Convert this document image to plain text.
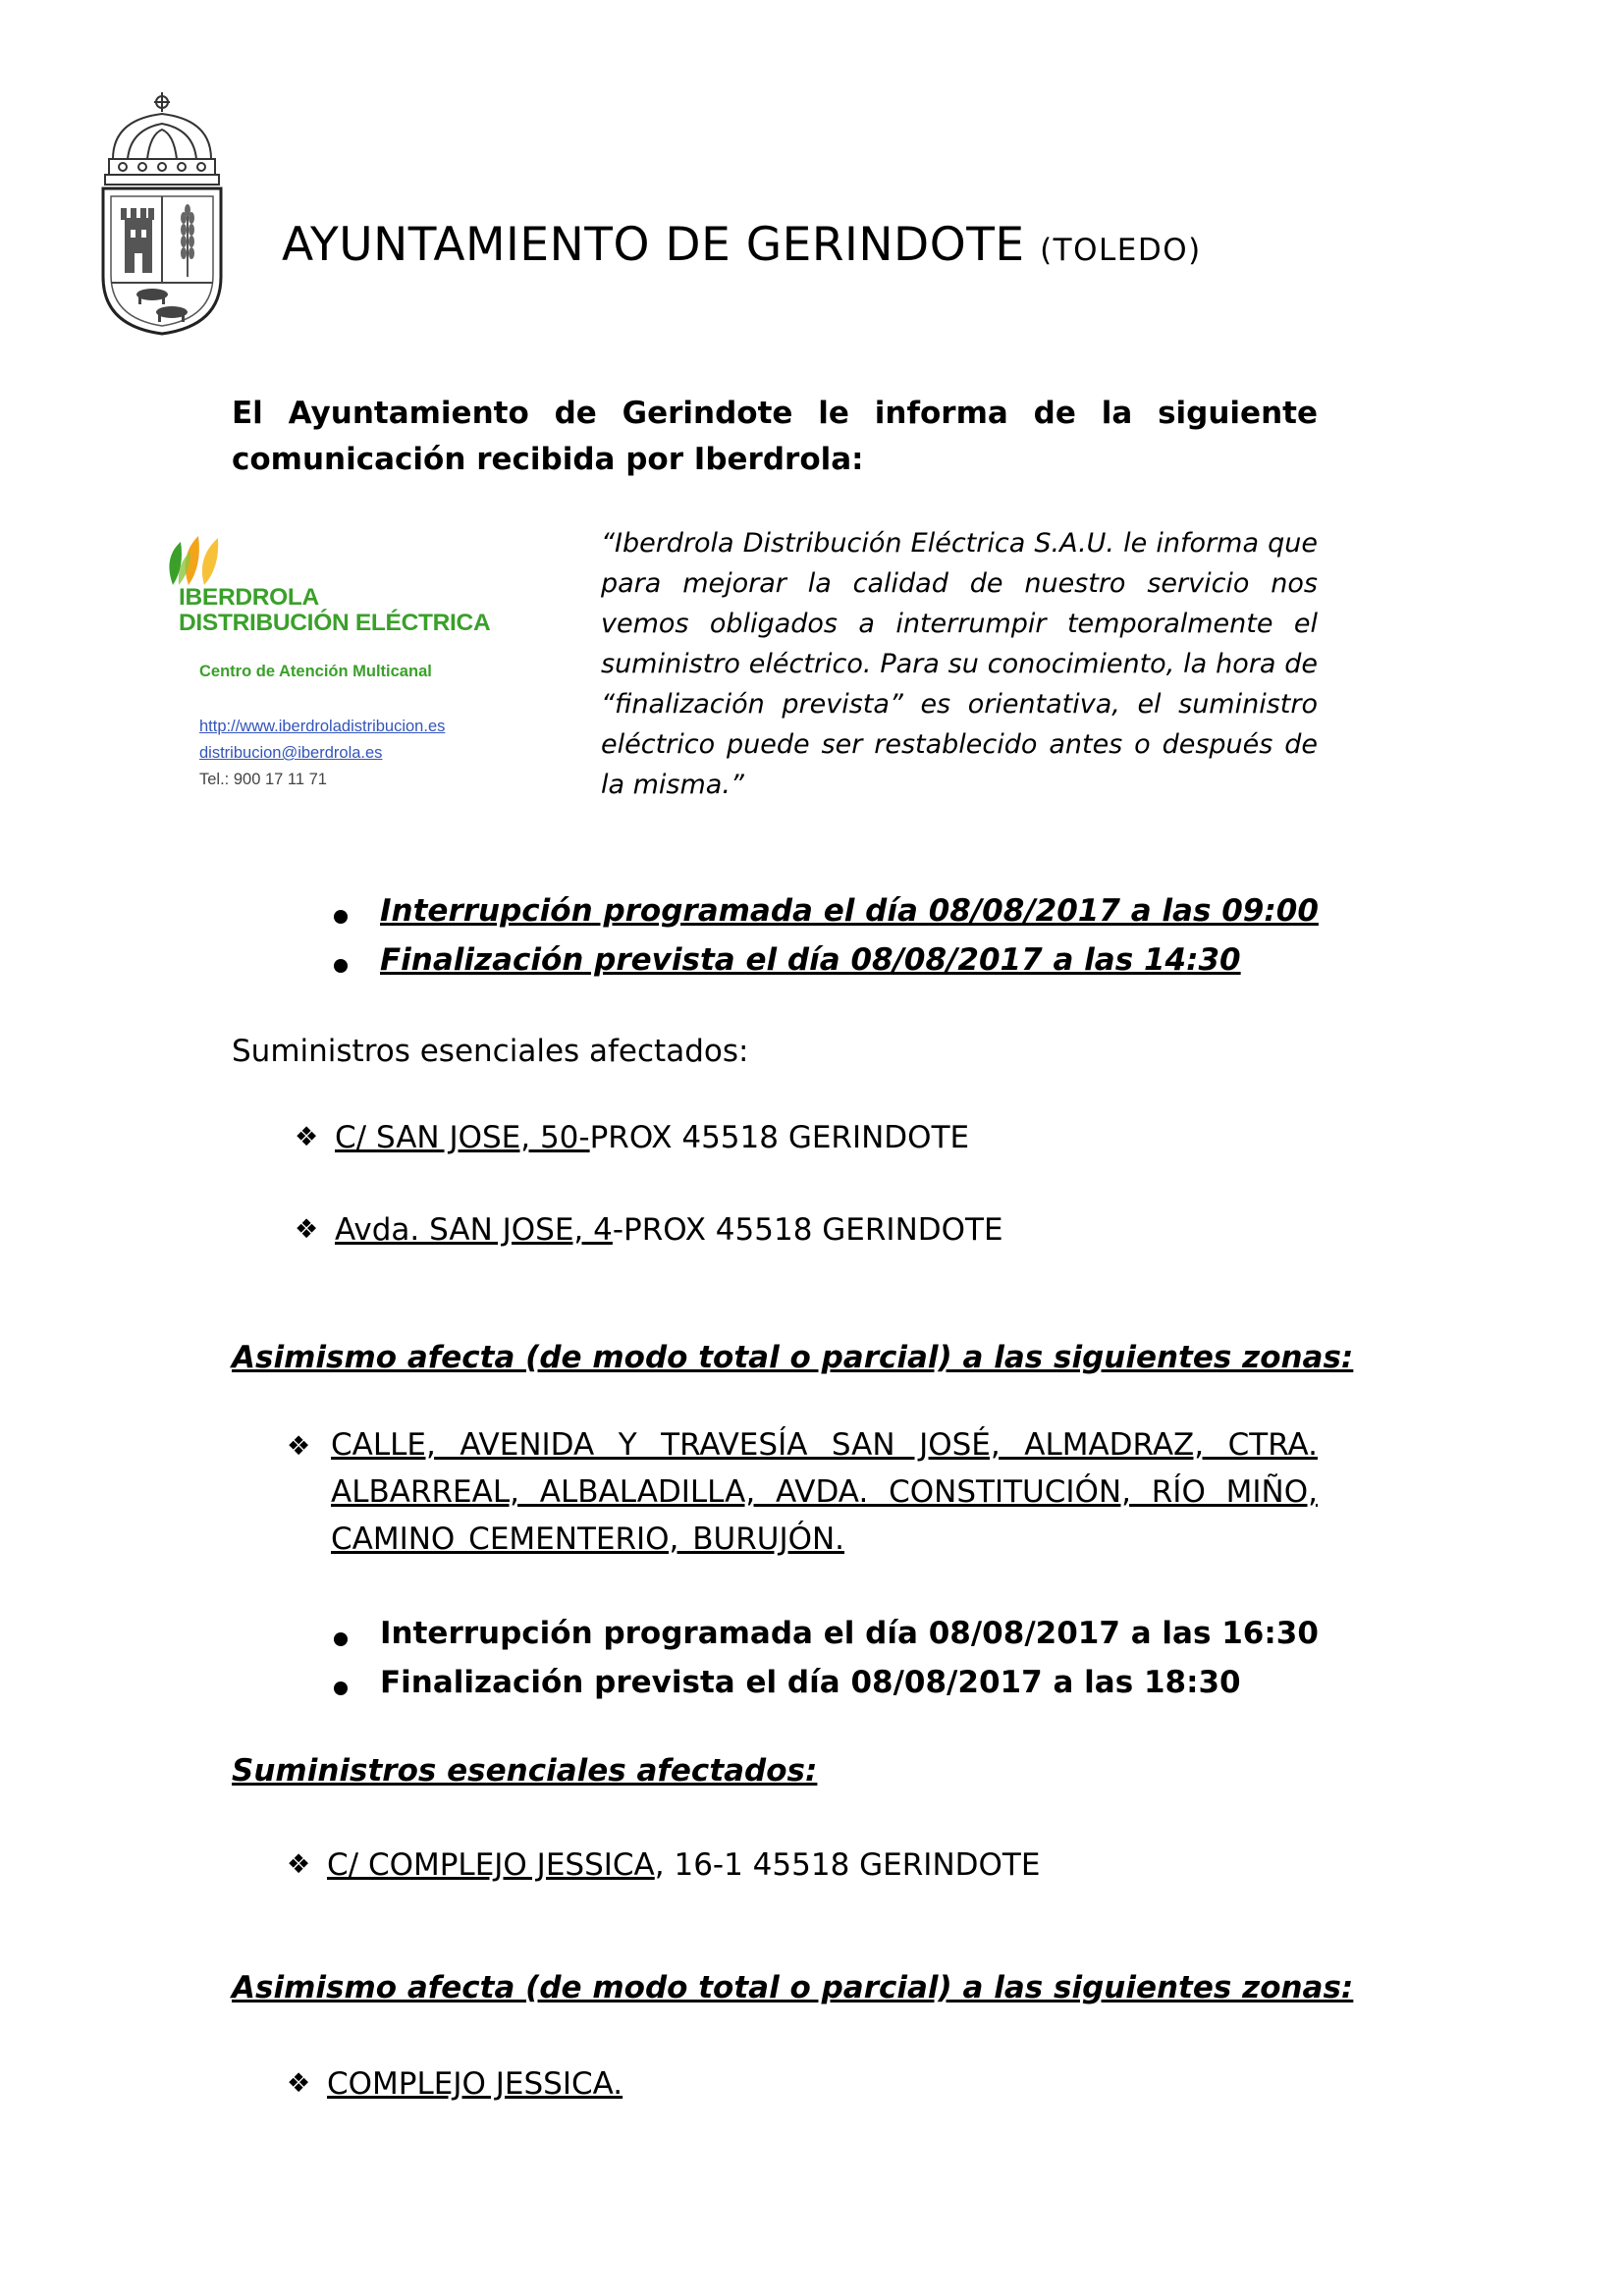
AYUNTAMIENTO DE GERINDOTE (TOLEDO)
El Ayuntamiento de Gerindote le informa de la siguiente comunicación recibida por Iberdrola:
IBERDROLA
DISTRIBUCIÓN ELÉCTRICA
Centro de Atención Multicanal
http://www.iberdroladistribucion.es
distribucion@iberdrola.es
Tel.: 900 17 11 71
“Iberdrola Distribución Eléctrica S.A.U. le informa que para mejorar la calidad de nuestro servicio nos vemos obligados a interrumpir temporalmente el suministro eléctrico. Para su conocimiento, la hora de “finalización prevista” es orientativa, el suministro eléctrico puede ser restablecido antes o después de la misma.”
Interrupción programada el día 08/08/2017 a las 09:00
Finalización prevista el día 08/08/2017 a las 14:30
Suministros esenciales afectados:
❖ C/ SAN JOSE, 50-PROX 45518 GERINDOTE
❖ Avda. SAN JOSE, 4-PROX 45518 GERINDOTE
Asimismo afecta (de modo total o parcial) a las siguientes zonas:
❖ CALLE, AVENIDA Y TRAVESÍA SAN JOSÉ, ALMADRAZ, CTRA. ALBARREAL, ALBALADILLA, AVDA. CONSTITUCIÓN, RÍO MIÑO, CAMINO CEMENTERIO, BURUJÓN.
Interrupción programada el día 08/08/2017 a las 16:30
Finalización prevista el día 08/08/2017 a las 18:30
Suministros esenciales afectados:
❖ C/ COMPLEJO JESSICA, 16-1 45518 GERINDOTE
Asimismo afecta (de modo total o parcial) a las siguientes zonas:
❖ COMPLEJO JESSICA.
